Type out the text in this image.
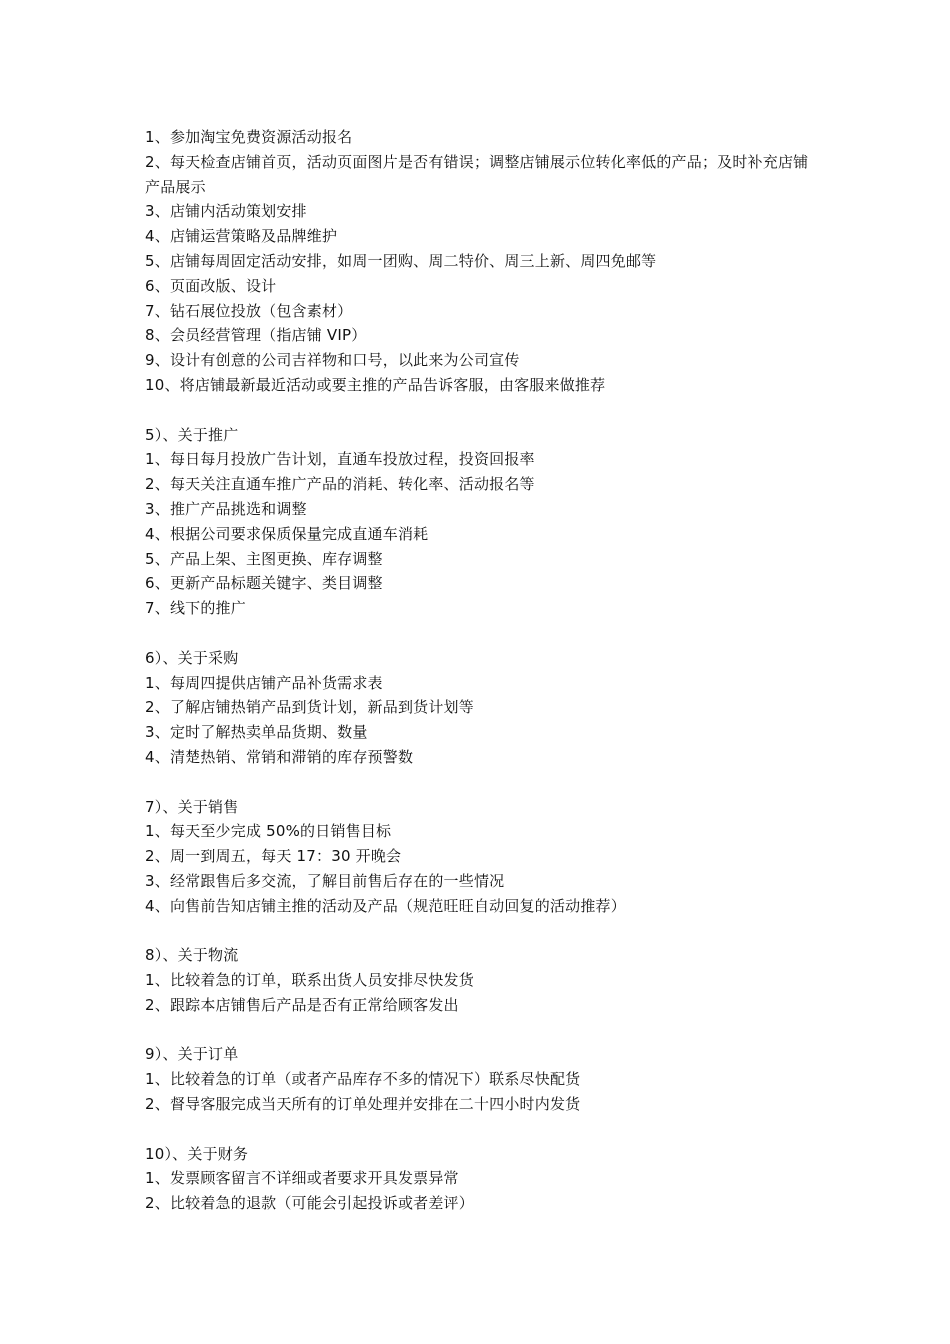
1、参加淘宝免费资源活动报名
2、每天检查店铺首页，活动页面图片是否有错误；调整店铺展示位转化率低的产品；及时补充店铺产品展示
3、店铺内活动策划安排
4、店铺运营策略及品牌维护
5、店铺每周固定活动安排，如周一团购、周二特价、周三上新、周四免邮等
6、页面改版、设计
7、钻石展位投放（包含素材）
8、会员经营管理（指店铺 VIP）
9、设计有创意的公司吉祥物和口号，以此来为公司宣传
10、将店铺最新最近活动或要主推的产品告诉客服，由客服来做推荐
5）、关于推广
1、每日每月投放广告计划，直通车投放过程，投资回报率
2、每天关注直通车推广产品的消耗、转化率、活动报名等
3、推广产品挑选和调整
4、根据公司要求保质保量完成直通车消耗
5、产品上架、主图更换、库存调整
6、更新产品标题关键字、类目调整
7、线下的推广
6）、关于采购
1、每周四提供店铺产品补货需求表
2、了解店铺热销产品到货计划，新品到货计划等
3、定时了解热卖单品货期、数量
4、清楚热销、常销和滞销的库存预警数
7）、关于销售
1、每天至少完成 50%的日销售目标
2、周一到周五，每天 17：30 开晚会
3、经常跟售后多交流，了解目前售后存在的一些情况
4、向售前告知店铺主推的活动及产品（规范旺旺自动回复的活动推荐）
8）、关于物流
1、比较着急的订单，联系出货人员安排尽快发货
2、跟踪本店铺售后产品是否有正常给顾客发出
9）、关于订单
1、比较着急的订单（或者产品库存不多的情况下）联系尽快配货
2、督导客服完成当天所有的订单处理并安排在二十四小时内发货
10）、关于财务
1、发票顾客留言不详细或者要求开具发票异常
2、比较着急的退款（可能会引起投诉或者差评）
